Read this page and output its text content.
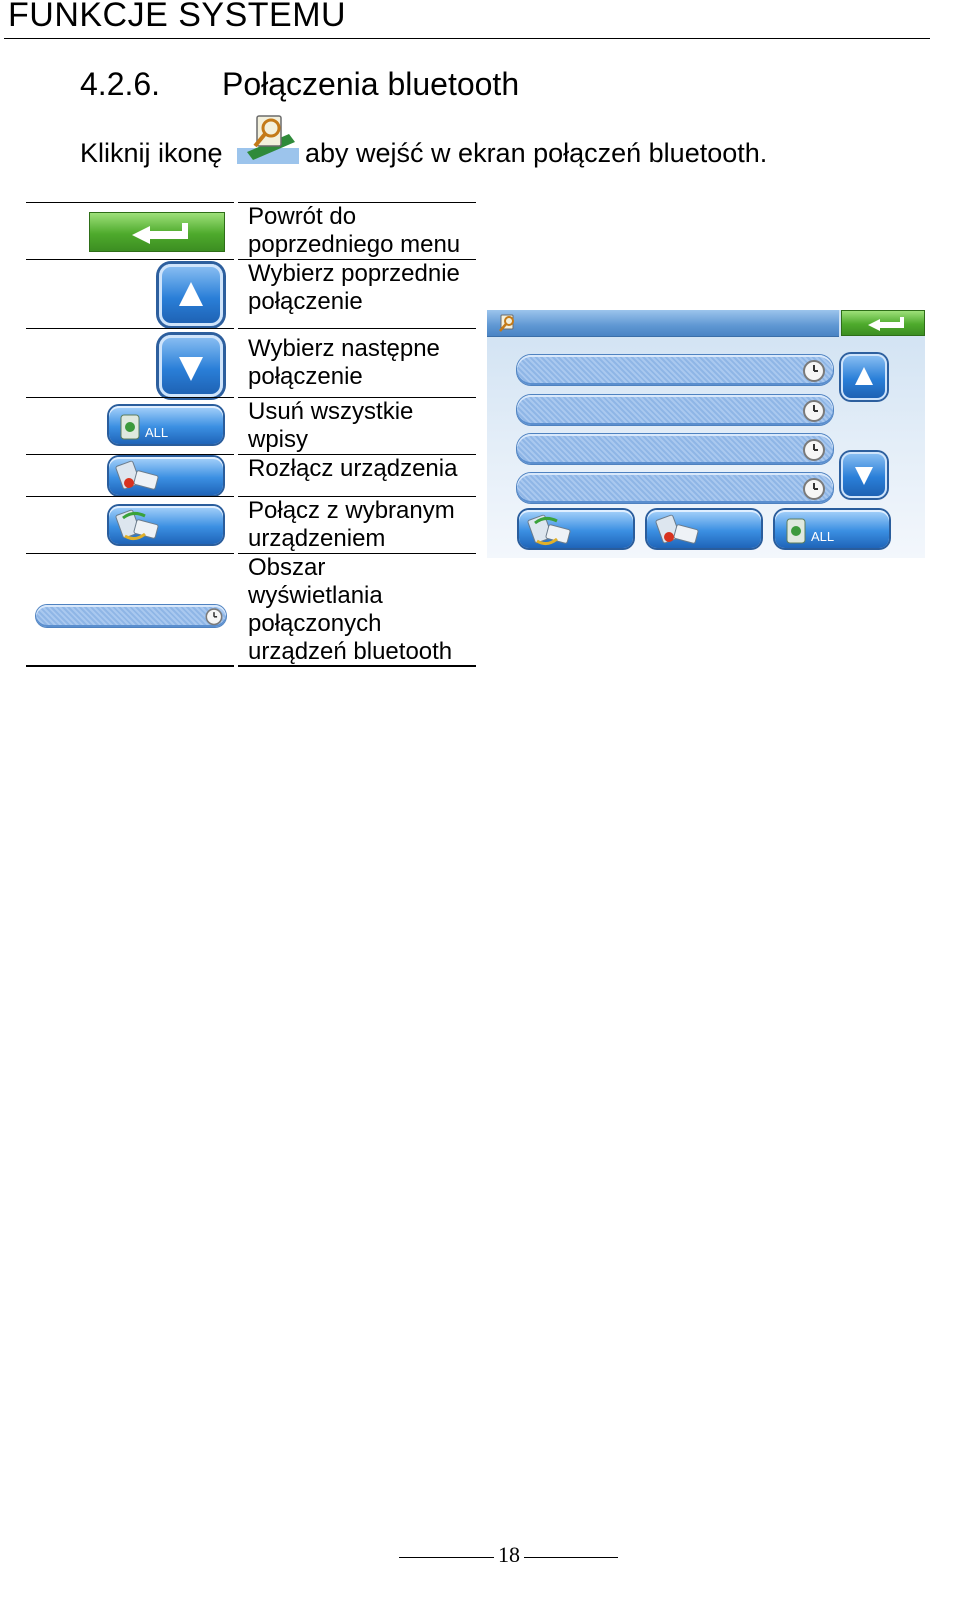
FUNKCJE SYSTEMU
4.2.6. Połączenia bluetooth
Kliknij ikonę	aby wejść w ekran połączeń bluetooth.
Powrót do
poprzedniego menu
Wybierz poprzednie
połączenie
Wybierz następne
połączenie
ALL
Usuń wszystkie
wpisy
Rozłącz urządzenia
Połącz z wybranym
urządzeniem
Obszar
wyświetlania
połączonych
urządzeń bluetooth
ALL
18
